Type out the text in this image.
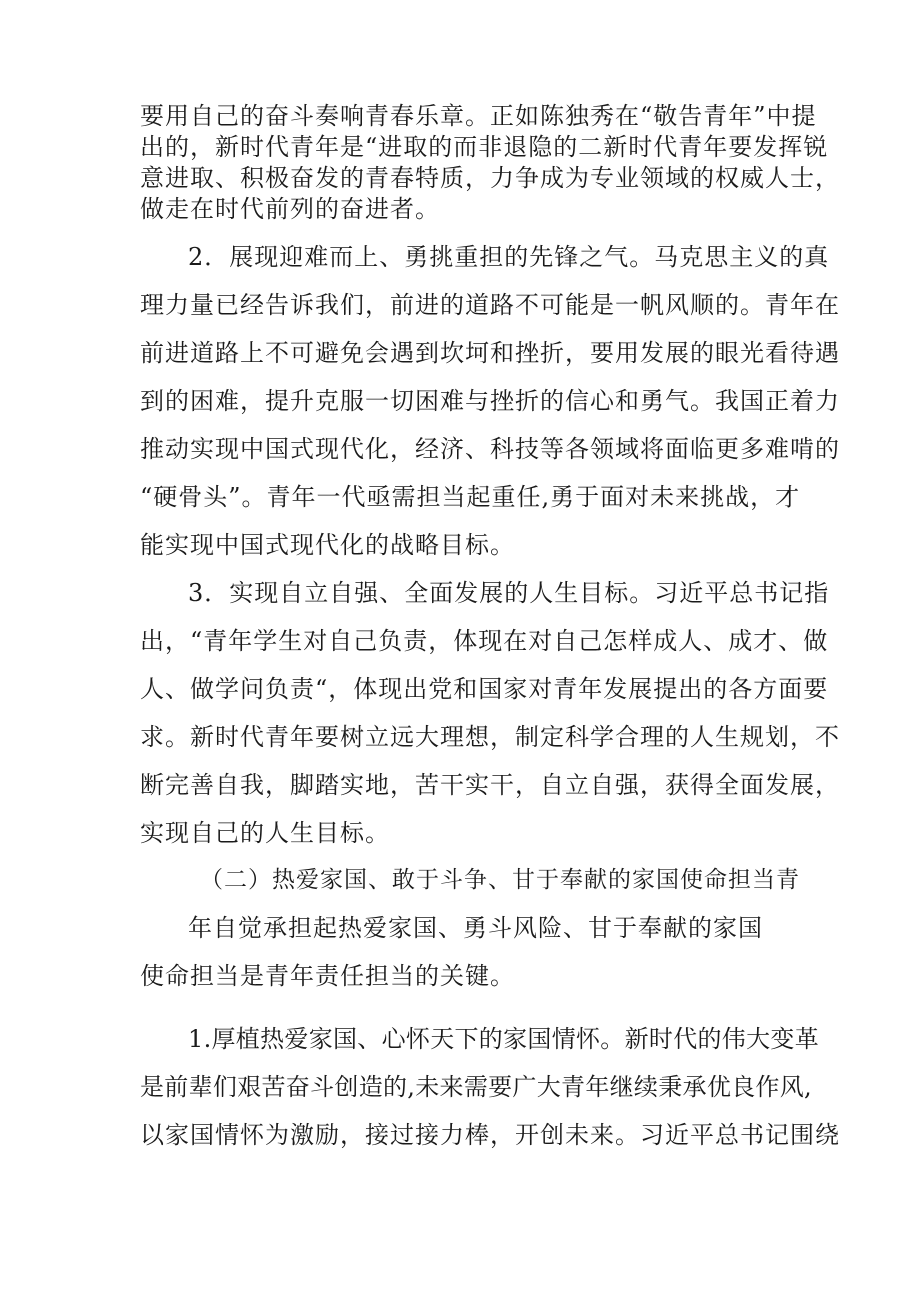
要用自己的奋斗奏响青春乐章。正如陈独秀在“敬告青年”中提
出的，新时代青年是“进取的而非退隐的二新时代青年要发挥锐
意进取、积极奋发的青春特质，力争成为专业领域的权威人士，
做走在时代前列的奋进者。
2．展现迎难而上、勇挑重担的先锋之气。马克思主义的真
理力量已经告诉我们，前进的道路不可能是一帆风顺的。青年在
前进道路上不可避免会遇到坎坷和挫折，要用发展的眼光看待遇
到的困难，提升克服一切困难与挫折的信心和勇气。我国正着力
推动实现中国式现代化，经济、科技等各领域将面临更多难啃的
“硬骨头”。青年一代亟需担当起重任,勇于面对未来挑战，才
能实现中国式现代化的战略目标。
3．实现自立自强、全面发展的人生目标。习近平总书记指
出，“青年学生对自己负责，体现在对自己怎样成人、成才、做
人、做学问负责“，体现出党和国家对青年发展提出的各方面要
求。新时代青年要树立远大理想，制定科学合理的人生规划，不
断完善自我，脚踏实地，苦干实干，自立自强，获得全面发展，
实现自己的人生目标。
（二）热爱家国、敢于斗争、甘于奉献的家国使命担当青
年自觉承担起热爱家国、勇斗风险、甘于奉献的家国
使命担当是青年责任担当的关键。
1.厚植热爱家国、心怀天下的家国情怀。新时代的伟大变革
是前辈们艰苦奋斗创造的,未来需要广大青年继续秉承优良作风,
以家国情怀为激励，接过接力棒，开创未来。习近平总书记围绕
